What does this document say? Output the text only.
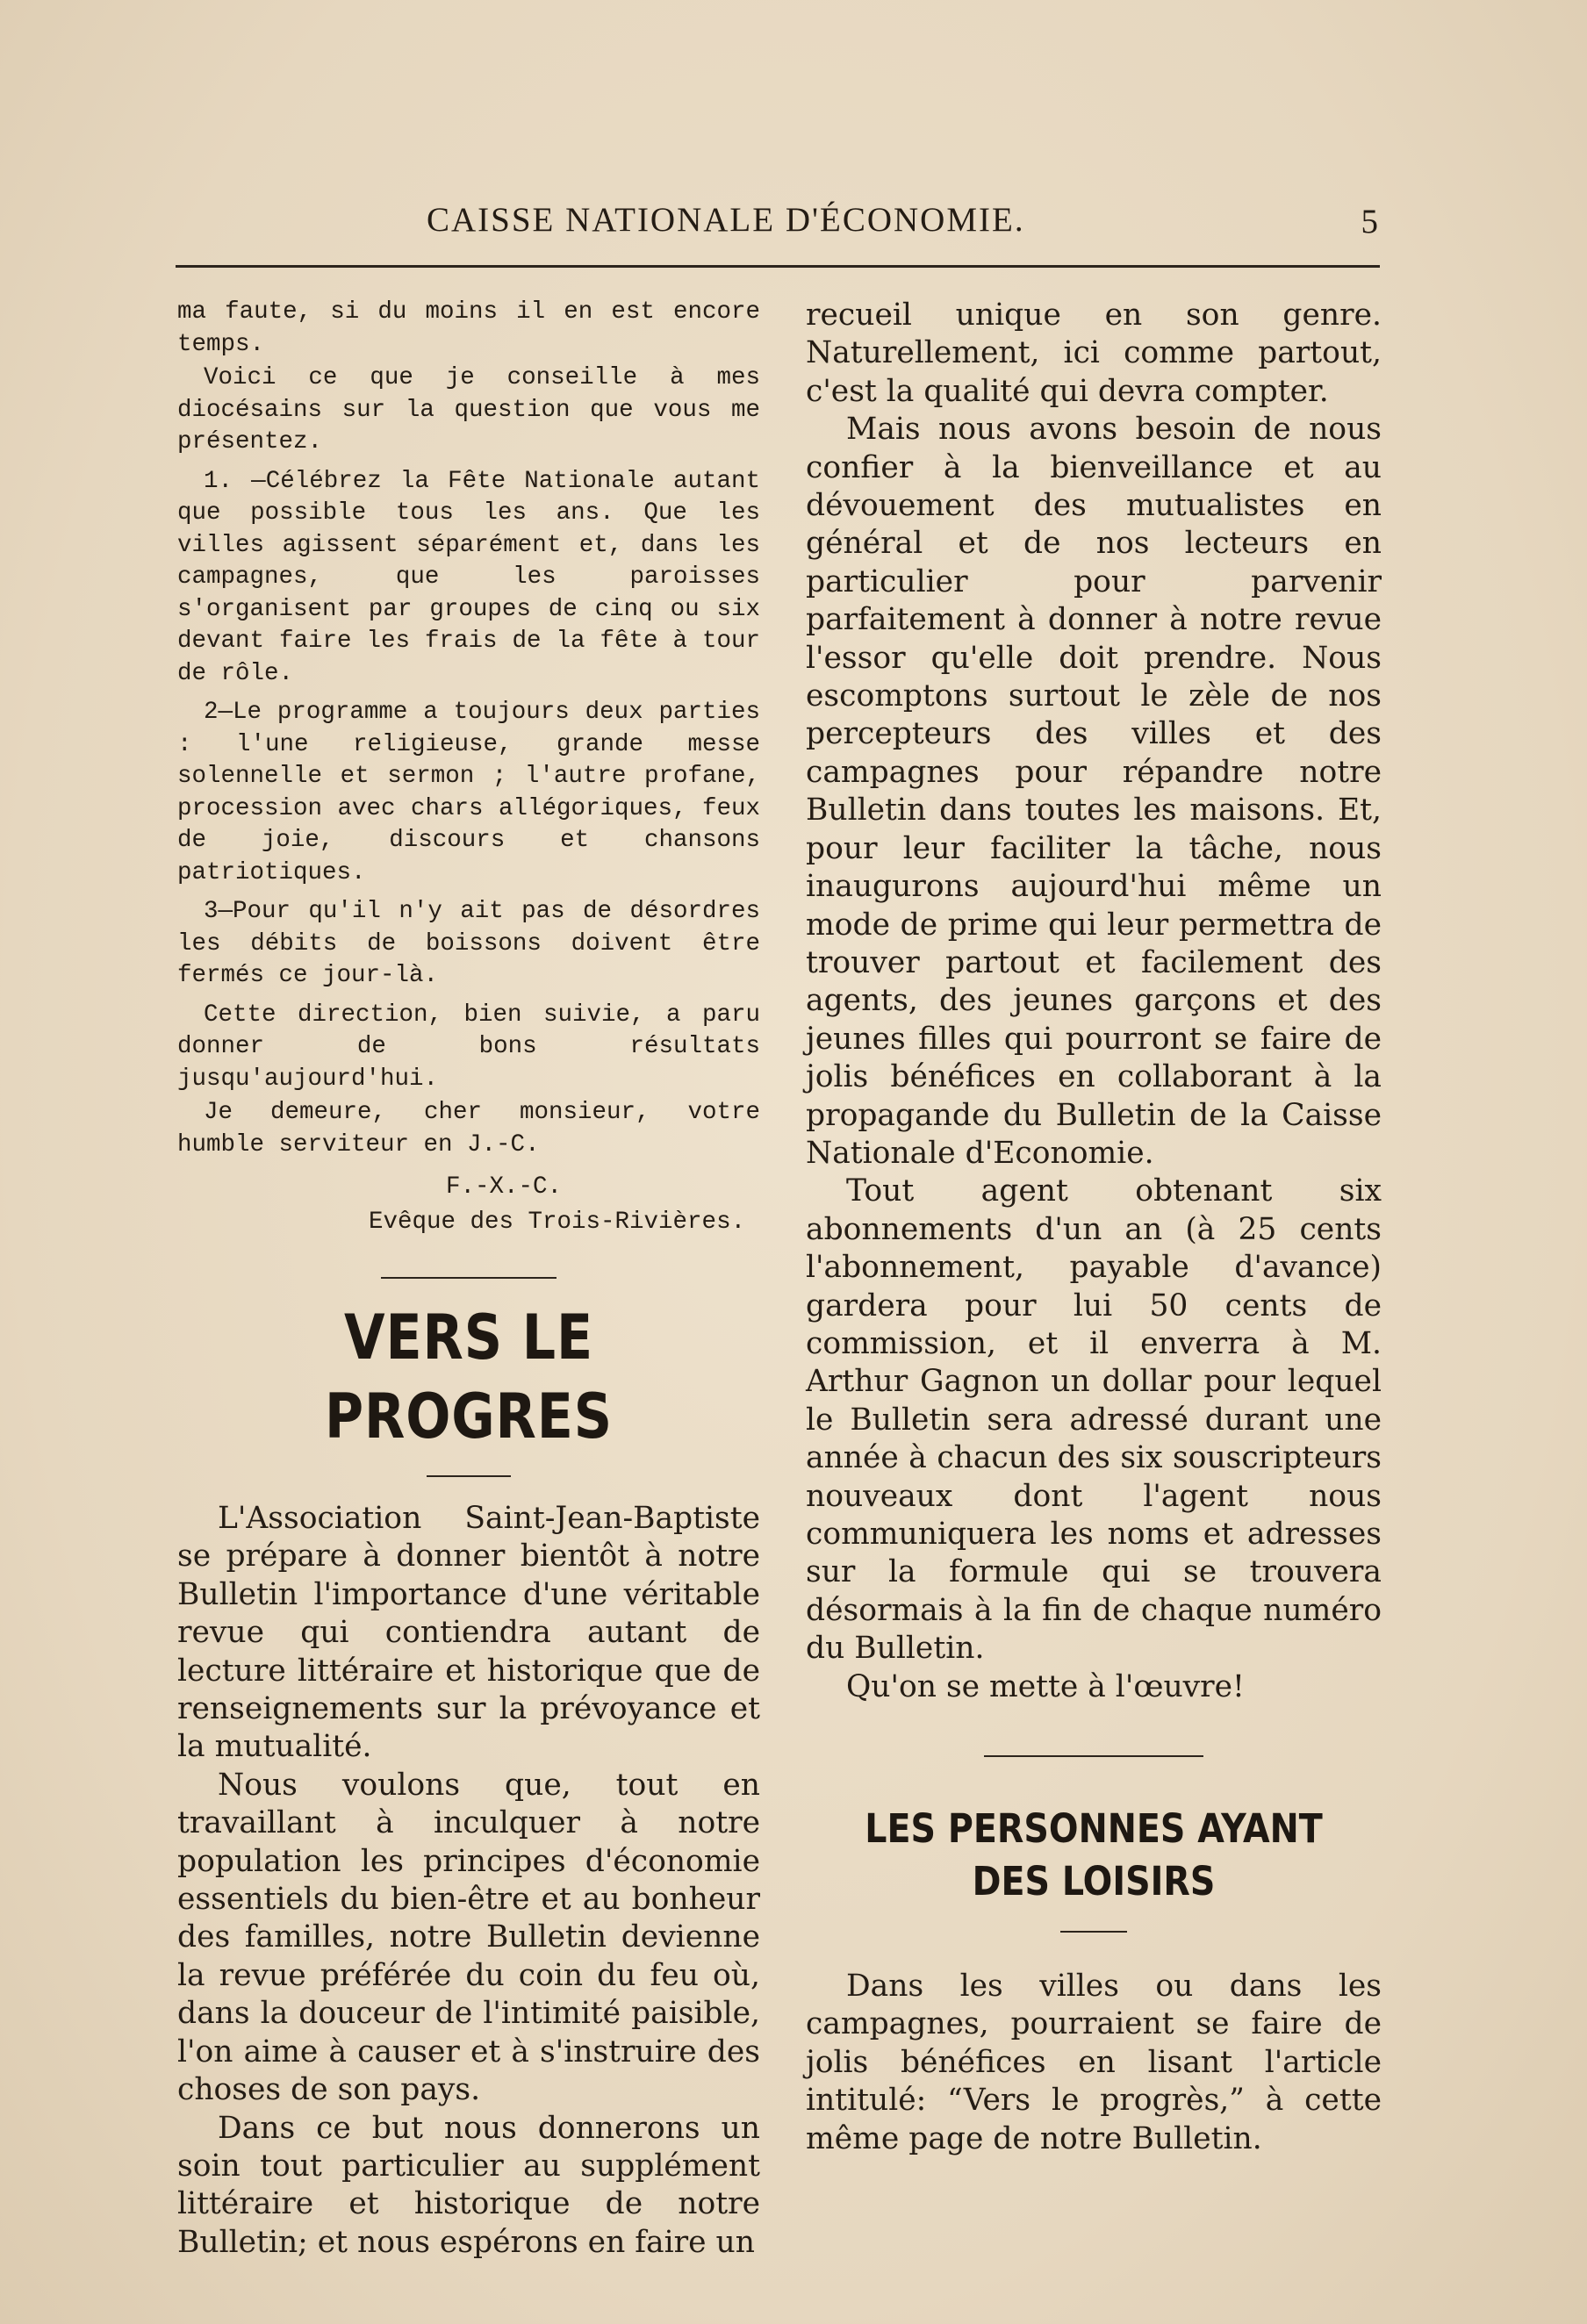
CAISSE NATIONALE D'ÉCONOMIE.	5

ma faute, si du moins il en est encore temps.

Voici ce que je conseille à mes diocésains sur la question que vous me présentez.

1. —Célébrez la Fête Nationale autant que possible tous les ans. Que les villes agissent séparément et, dans les campagnes, que les paroisses s'organisent par groupes de cinq ou six devant faire les frais de la fête à tour de rôle.

2—Le programme a toujours deux parties : l'une religieuse, grande messe solennelle et sermon ; l'autre profane, procession avec chars allégoriques, feux de joie, discours et chansons patriotiques.

3—Pour qu'il n'y ait pas de désordres les débits de boissons doivent être fermés ce jour-là.

Cette direction, bien suivie, a paru donner de bons résultats jusqu'aujourd'hui.

Je demeure, cher monsieur, votre humble serviteur en J.-C.

F.-X.-C.

Evêque des Trois-Rivières.

VERS LE PROGRES

L'Association Saint-Jean-Baptiste se prépare à donner bientôt à notre Bulletin l'importance d'une véritable revue qui contiendra autant de lecture littéraire et historique que de renseignements sur la prévoyance et la mutualité.

Nous voulons que, tout en travaillant à inculquer à notre population les principes d'économie essentiels du bien-être et au bonheur des familles, notre Bulletin devienne la revue préférée du coin du feu où, dans la douceur de l'intimité paisible, l'on aime à causer et à s'instruire des choses de son pays.

Dans ce but nous donnerons un soin tout particulier au supplément littéraire et historique de notre Bulletin; et nous espérons en faire un

recueil unique en son genre. Naturellement, ici comme partout, c'est la qualité qui devra compter.

Mais nous avons besoin de nous confier à la bienveillance et au dévouement des mutualistes en général et de nos lecteurs en particulier pour parvenir parfaitement à donner à notre revue l'essor qu'elle doit prendre. Nous escomptons surtout le zèle de nos percepteurs des villes et des campagnes pour répandre notre Bulletin dans toutes les maisons. Et, pour leur faciliter la tâche, nous inaugurons aujourd'hui même un mode de prime qui leur permettra de trouver partout et facilement des agents, des jeunes garçons et des jeunes filles qui pourront se faire de jolis bénéfices en collaborant à la propagande du Bulletin de la Caisse Nationale d'Economie.

Tout agent obtenant six abonnements d'un an (à 25 cents l'abonnement, payable d'avance) gardera pour lui 50 cents de commission, et il enverra à M. Arthur Gagnon un dollar pour lequel le Bulletin sera adressé durant une année à chacun des six souscripteurs nouveaux dont l'agent nous communiquera les noms et adresses sur la formule qui se trouvera désormais à la fin de chaque numéro du Bulletin.

Qu'on se mette à l'œuvre!

LES PERSONNES AYANT
DES LOISIRS

Dans les villes ou dans les campagnes, pourraient se faire de jolis bénéfices en lisant l'article intitulé: “Vers le progrès,” à cette même page de notre Bulletin.
